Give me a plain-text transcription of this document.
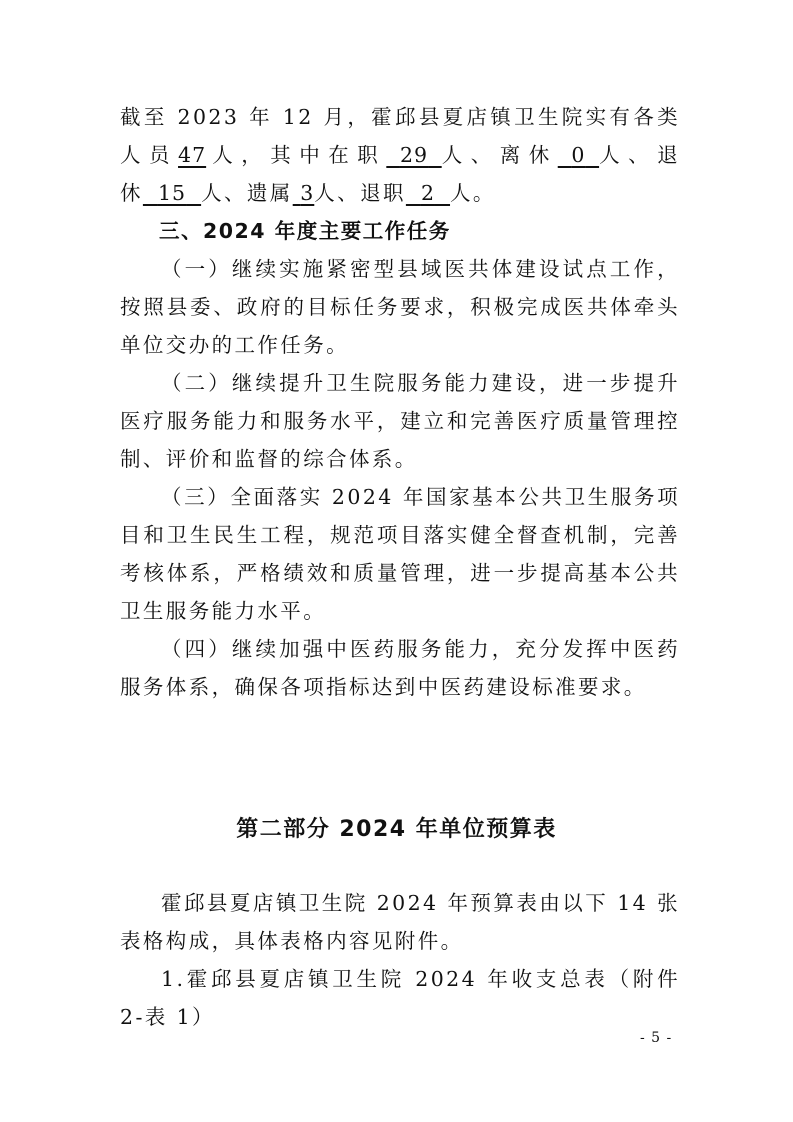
截至 2023 年 12 月，霍邱县夏店镇卫生院实有各类人员47人，其中在职 29 人、离休 0 人、退休 15 人、遗属 3人、退职 2 人。

三、2024 年度主要工作任务

（一）继续实施紧密型县域医共体建设试点工作，按照县委、政府的目标任务要求，积极完成医共体牵头单位交办的工作任务。

（二）继续提升卫生院服务能力建设，进一步提升医疗服务能力和服务水平，建立和完善医疗质量管理控制、评价和监督的综合体系。

（三）全面落实 2024 年国家基本公共卫生服务项目和卫生民生工程，规范项目落实健全督查机制，完善考核体系，严格绩效和质量管理，进一步提高基本公共卫生服务能力水平。

（四）继续加强中医药服务能力，充分发挥中医药服务体系，确保各项指标达到中医药建设标准要求。

第二部分 2024 年单位预算表

霍邱县夏店镇卫生院 2024 年预算表由以下 14 张表格构成，具体表格内容见附件。

1.霍邱县夏店镇卫生院 2024 年收支总表（附件 2-表 1）

- 5 -
